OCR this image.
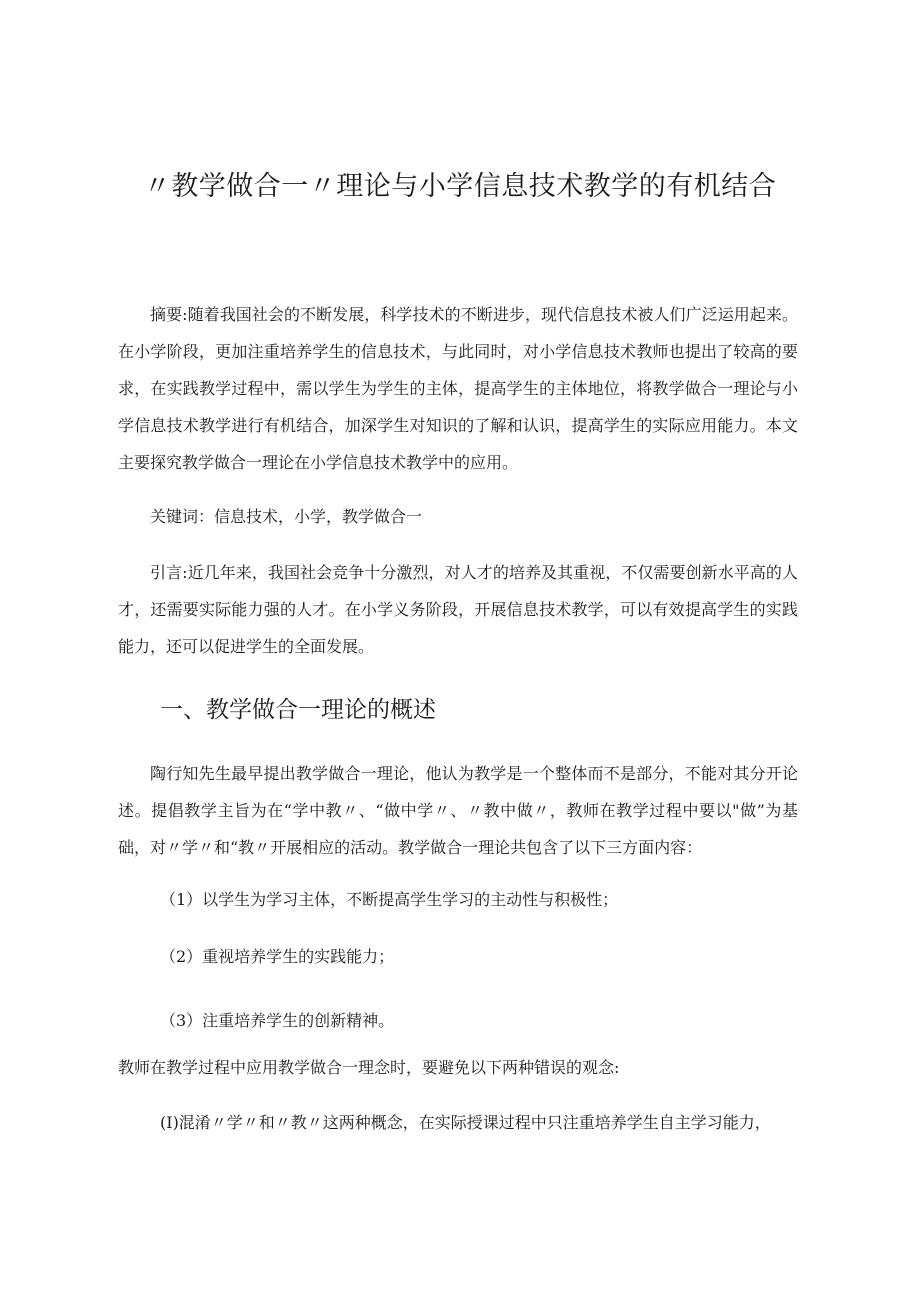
〃教学做合一〃理论与小学信息技术教学的有机结合

摘要:随着我国社会的不断发展，科学技术的不断进步，现代信息技术被人们广泛运用起来。在小学阶段，更加注重培养学生的信息技术，与此同时，对小学信息技术教师也提出了较高的要求，在实践教学过程中，需以学生为学生的主体，提高学生的主体地位，将教学做合一理论与小学信息技术教学进行有机结合，加深学生对知识的了解和认识，提高学生的实际应用能力。本文主要探究教学做合一理论在小学信息技术教学中的应用。

关键词：信息技术，小学，教学做合一

引言:近几年来，我国社会竞争十分激烈，对人才的培养及其重视，不仅需要创新水平高的人才，还需要实际能力强的人才。在小学义务阶段，开展信息技术教学，可以有效提高学生的实践能力，还可以促进学生的全面发展。

一、教学做合一理论的概述

陶行知先生最早提出教学做合一理论，他认为教学是一个整体而不是部分，不能对其分开论述。提倡教学主旨为在“学中教〃、“做中学〃、〃教中做〃，教师在教学过程中要以"做”为基础，对〃学〃和“教〃开展相应的活动。教学做合一理论共包含了以下三方面内容：

（1）以学生为学习主体，不断提高学生学习的主动性与积极性；
（2）重视培养学生的实践能力；
（3）注重培养学生的创新精神。
教师在教学过程中应用教学做合一理念时，要避免以下两种错误的观念:
(I)混淆〃学〃和〃教〃这两种概念，在实际授课过程中只注重培养学生自主学习能力，
